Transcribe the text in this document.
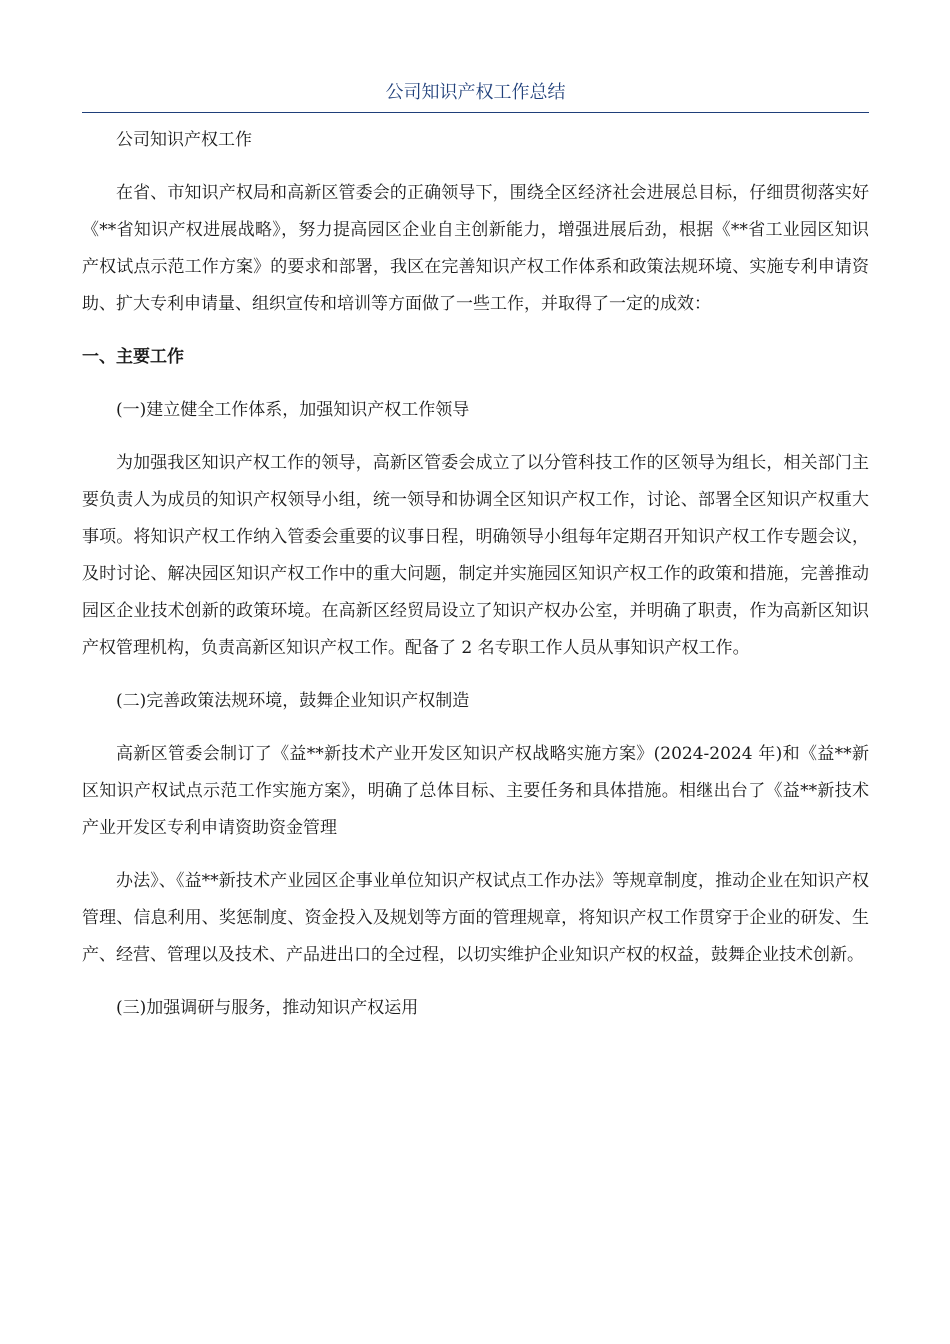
公司知识产权工作总结

公司知识产权工作

在省、市知识产权局和高新区管委会的正确领导下，围绕全区经济社会进展总目标，仔细贯彻落实好《**省知识产权进展战略》，努力提高园区企业自主创新能力，增强进展后劲，根据《**省工业园区知识产权试点示范工作方案》的要求和部署，我区在完善知识产权工作体系和政策法规环境、实施专利申请资助、扩大专利申请量、组织宣传和培训等方面做了一些工作，并取得了一定的成效：

一、主要工作

(一)建立健全工作体系，加强知识产权工作领导

为加强我区知识产权工作的领导，高新区管委会成立了以分管科技工作的区领导为组长，相关部门主要负责人为成员的知识产权领导小组，统一领导和协调全区知识产权工作，讨论、部署全区知识产权重大事项。将知识产权工作纳入管委会重要的议事日程，明确领导小组每年定期召开知识产权工作专题会议，及时讨论、解决园区知识产权工作中的重大问题，制定并实施园区知识产权工作的政策和措施，完善推动园区企业技术创新的政策环境。在高新区经贸局设立了知识产权办公室，并明确了职责，作为高新区知识产权管理机构，负责高新区知识产权工作。配备了 2 名专职工作人员从事知识产权工作。

(二)完善政策法规环境，鼓舞企业知识产权制造

高新区管委会制订了《益**新技术产业开发区知识产权战略实施方案》(2024-2024 年)和《益**新区知识产权试点示范工作实施方案》，明确了总体目标、主要任务和具体措施。相继出台了《益**新技术产业开发区专利申请资助资金管理

办法》、《益**新技术产业园区企事业单位知识产权试点工作办法》等规章制度，推动企业在知识产权管理、信息利用、奖惩制度、资金投入及规划等方面的管理规章，将知识产权工作贯穿于企业的研发、生产、经营、管理以及技术、产品进出口的全过程，以切实维护企业知识产权的权益，鼓舞企业技术创新。

(三)加强调研与服务，推动知识产权运用
